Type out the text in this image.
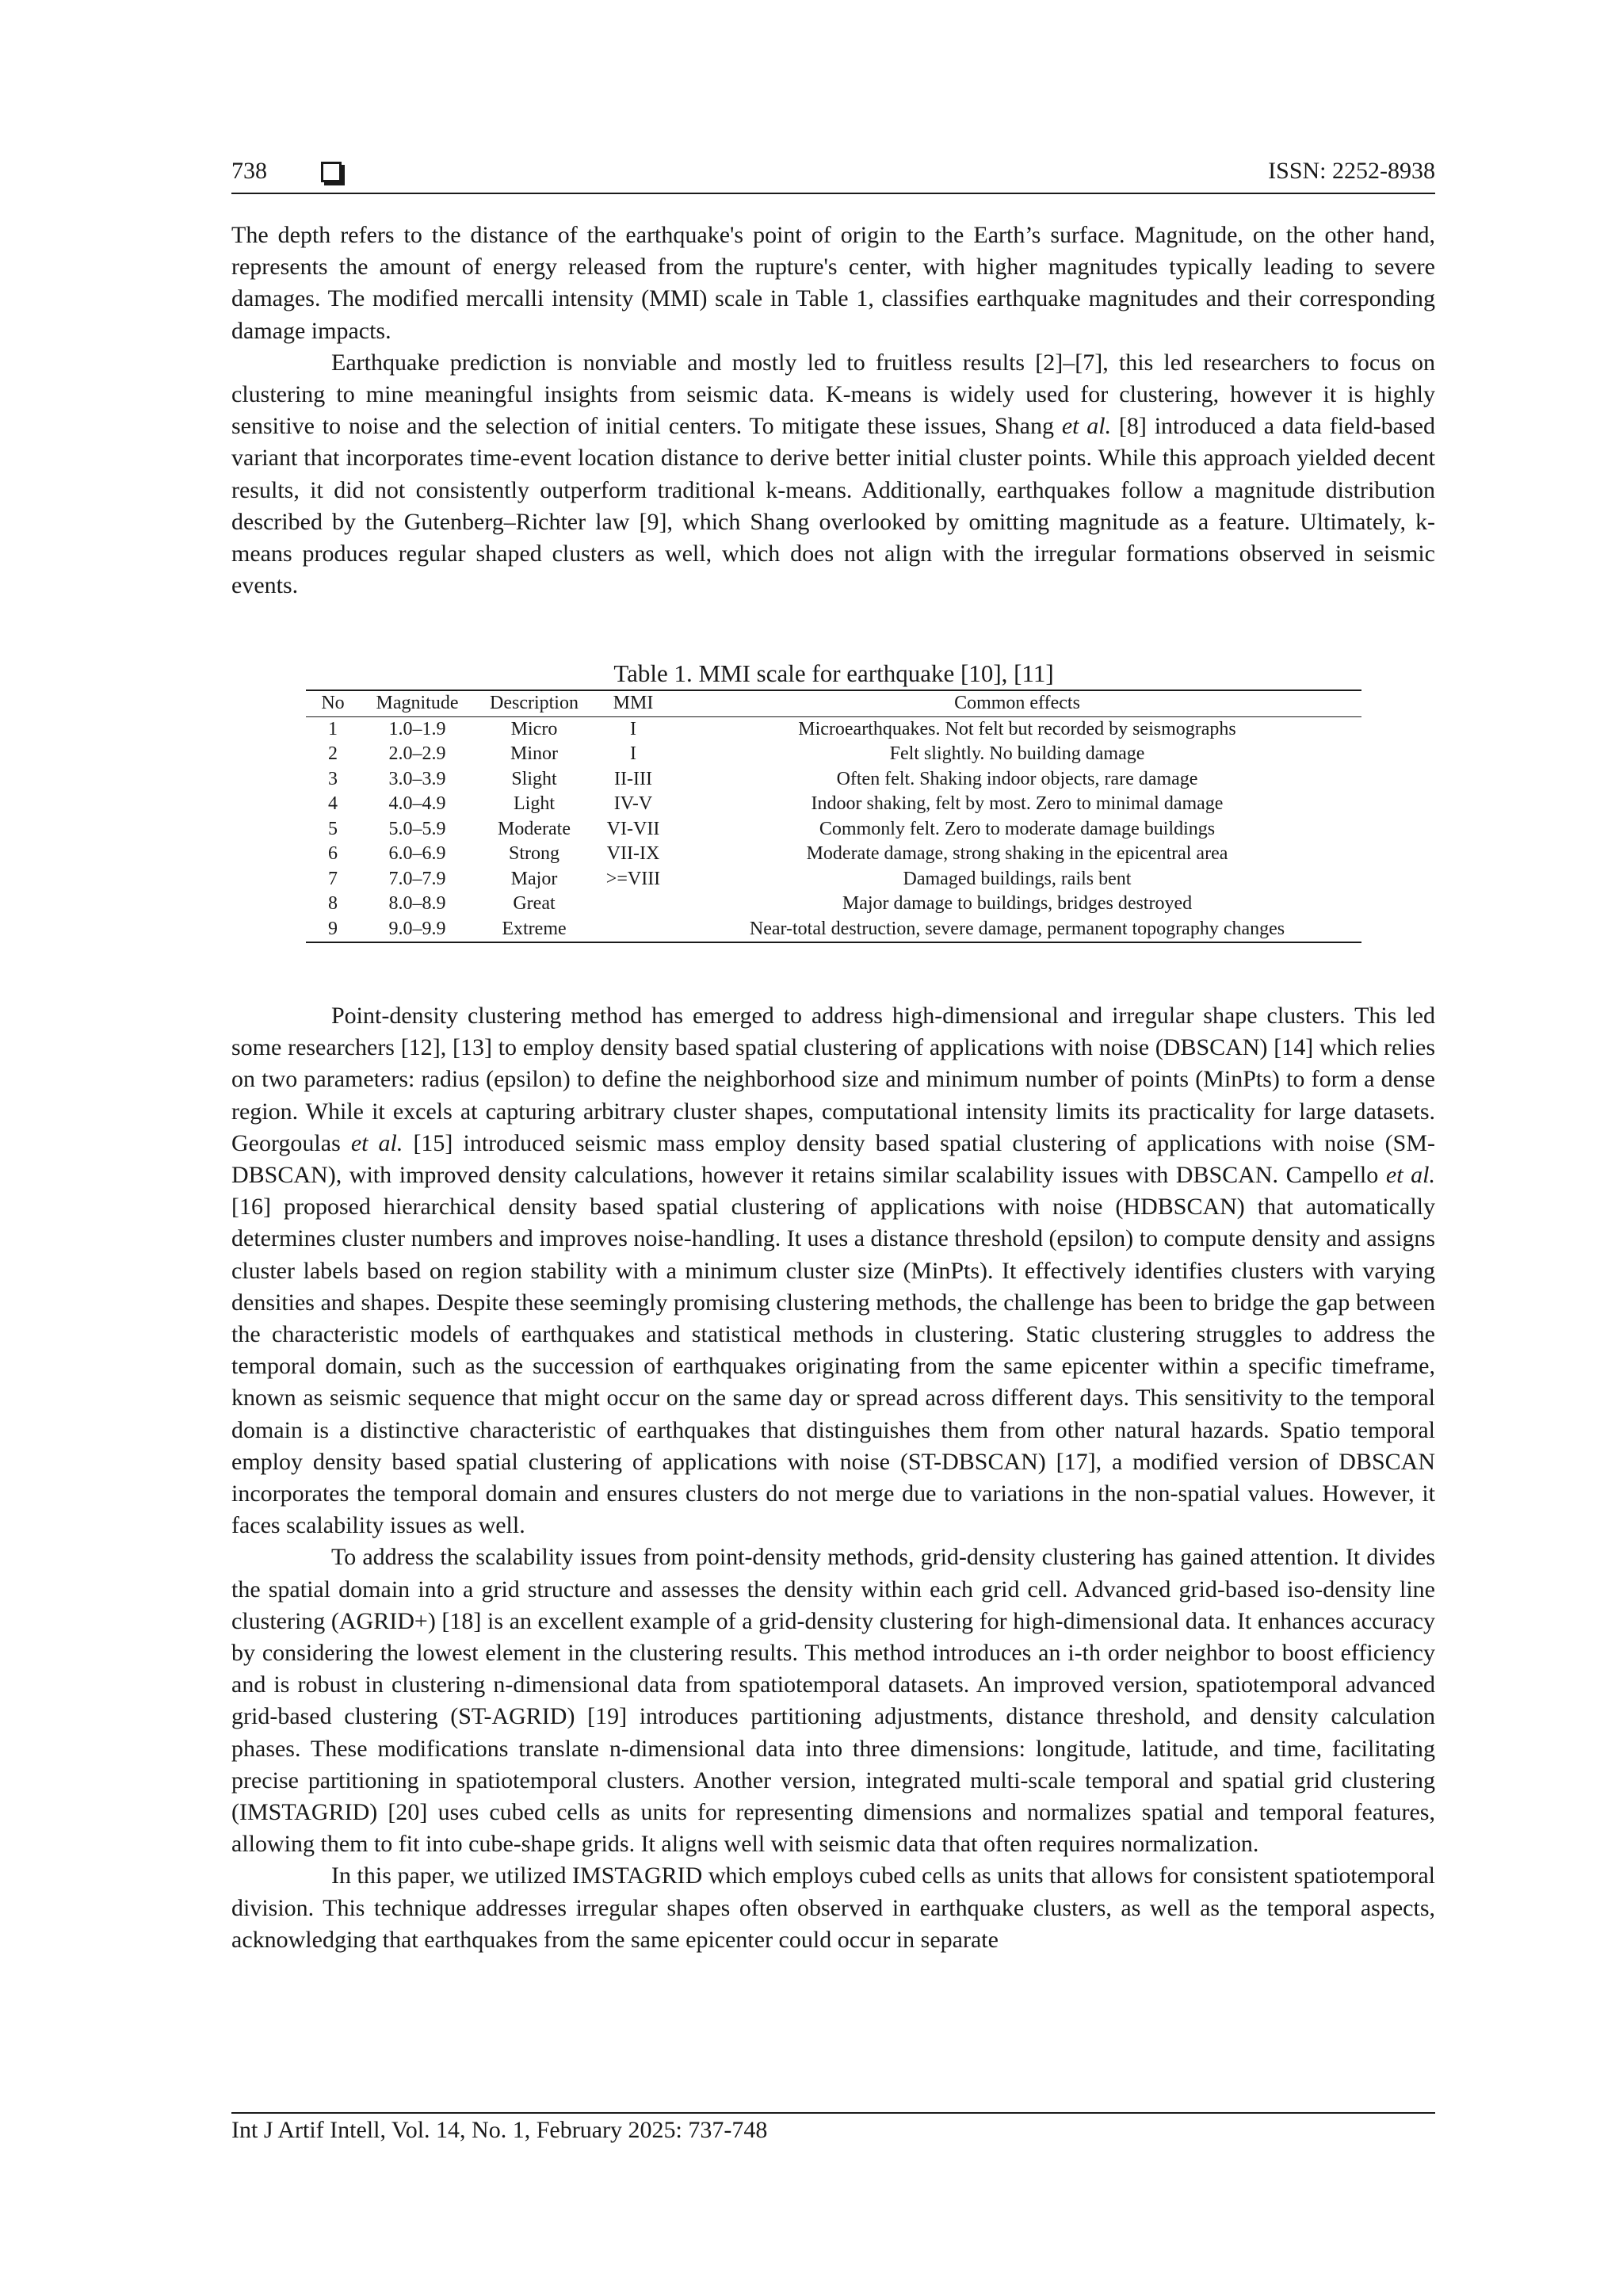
738	ISSN: 2252-8938

The depth refers to the distance of the earthquake's point of origin to the Earth’s surface. Magnitude, on the other hand, represents the amount of energy released from the rupture's center, with higher magnitudes typically leading to severe damages. The modified mercalli intensity (MMI) scale in Table 1, classifies earthquake magnitudes and their corresponding damage impacts.

Earthquake prediction is nonviable and mostly led to fruitless results [2]–[7], this led researchers to focus on clustering to mine meaningful insights from seismic data. K-means is widely used for clustering, however it is highly sensitive to noise and the selection of initial centers. To mitigate these issues, Shang et al. [8] introduced a data field-based variant that incorporates time-event location distance to derive better initial cluster points. While this approach yielded decent results, it did not consistently outperform traditional k-means. Additionally, earthquakes follow a magnitude distribution described by the Gutenberg–Richter law [9], which Shang overlooked by omitting magnitude as a feature. Ultimately, k-means produces regular shaped clusters as well, which does not align with the irregular formations observed in seismic events.

Table 1. MMI scale for earthquake [10], [11]

No	Magnitude	Description	MMI	Common effects
1	1.0–1.9	Micro	I	Microearthquakes. Not felt but recorded by seismographs
2	2.0–2.9	Minor	I	Felt slightly. No building damage
3	3.0–3.9	Slight	II-III	Often felt. Shaking indoor objects, rare damage
4	4.0–4.9	Light	IV-V	Indoor shaking, felt by most. Zero to minimal damage
5	5.0–5.9	Moderate	VI-VII	Commonly felt. Zero to moderate damage buildings
6	6.0–6.9	Strong	VII-IX	Moderate damage, strong shaking in the epicentral area
7	7.0–7.9	Major	>=VIII	Damaged buildings, rails bent
8	8.0–8.9	Great		Major damage to buildings, bridges destroyed
9	9.0–9.9	Extreme		Near-total destruction, severe damage, permanent topography changes

Point-density clustering method has emerged to address high-dimensional and irregular shape clusters. This led some researchers [12], [13] to employ density based spatial clustering of applications with noise (DBSCAN) [14] which relies on two parameters: radius (epsilon) to define the neighborhood size and minimum number of points (MinPts) to form a dense region. While it excels at capturing arbitrary cluster shapes, computational intensity limits its practicality for large datasets. Georgoulas et al. [15] introduced seismic mass employ density based spatial clustering of applications with noise (SM-DBSCAN), with improved density calculations, however it retains similar scalability issues with DBSCAN. Campello et al. [16] proposed hierarchical density based spatial clustering of applications with noise (HDBSCAN) that automatically determines cluster numbers and improves noise-handling. It uses a distance threshold (epsilon) to compute density and assigns cluster labels based on region stability with a minimum cluster size (MinPts). It effectively identifies clusters with varying densities and shapes. Despite these seemingly promising clustering methods, the challenge has been to bridge the gap between the characteristic models of earthquakes and statistical methods in clustering. Static clustering struggles to address the temporal domain, such as the succession of earthquakes originating from the same epicenter within a specific timeframe, known as seismic sequence that might occur on the same day or spread across different days. This sensitivity to the temporal domain is a distinctive characteristic of earthquakes that distinguishes them from other natural hazards. Spatio temporal employ density based spatial clustering of applications with noise (ST-DBSCAN) [17], a modified version of DBSCAN incorporates the temporal domain and ensures clusters do not merge due to variations in the non-spatial values. However, it faces scalability issues as well.

To address the scalability issues from point-density methods, grid-density clustering has gained attention. It divides the spatial domain into a grid structure and assesses the density within each grid cell. Advanced grid-based iso-density line clustering (AGRID+) [18] is an excellent example of a grid-density clustering for high-dimensional data. It enhances accuracy by considering the lowest element in the clustering results. This method introduces an i-th order neighbor to boost efficiency and is robust in clustering n-dimensional data from spatiotemporal datasets. An improved version, spatiotemporal advanced grid-based clustering (ST-AGRID) [19] introduces partitioning adjustments, distance threshold, and density calculation phases. These modifications translate n-dimensional data into three dimensions: longitude, latitude, and time, facilitating precise partitioning in spatiotemporal clusters. Another version, integrated multi-scale temporal and spatial grid clustering (IMSTAGRID) [20] uses cubed cells as units for representing dimensions and normalizes spatial and temporal features, allowing them to fit into cube-shape grids. It aligns well with seismic data that often requires normalization.

In this paper, we utilized IMSTAGRID which employs cubed cells as units that allows for consistent spatiotemporal division. This technique addresses irregular shapes often observed in earthquake clusters, as well as the temporal aspects, acknowledging that earthquakes from the same epicenter could occur in separate

Int J Artif Intell, Vol. 14, No. 1, February 2025: 737-748
